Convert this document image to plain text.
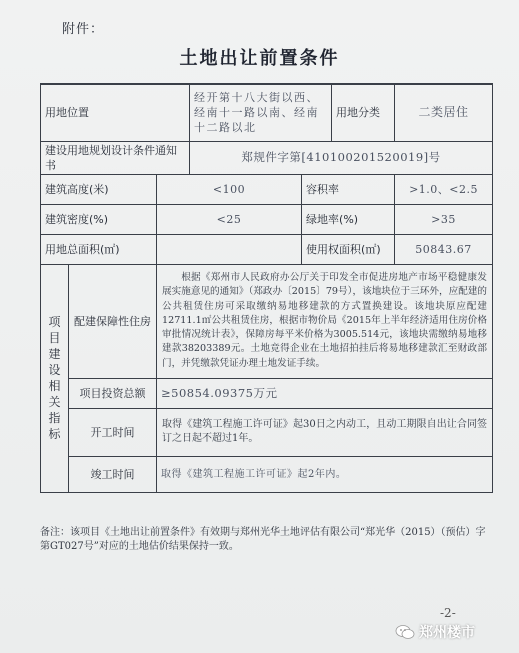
附件：
土地出让前置条件
用地位置			经开第十八大街以西、经南十一路以南、经南十二路以北		用地分类	二类居住
建设用地规划设计条件通知书			郑规件字第[410100201520019]号			
建筑高度(米)		<100		容积率		>1.0、<2.5
建筑密度(%)		<25		绿地率(%)		>35
用地总面积(㎡)				使用权面积(㎡)		50843.67

项目建设相关指标	配建保障性住房	根据《郑州市人民政府办公厅关于印发全市促进房地产市场平稳健康发展实施意见的通知》（郑政办〔2015〕79号），该地块位于三环外，应配建的公共租赁住房可采取缴纳易地移建款的方式置换建设。该地块原应配建12711.1㎡公共租赁住房，根据市物价局《2015年上半年经济适用住房价格审批情况统计表》，保障房每平米价格为3005.514元，该地块需缴纳易地移建款38203389元。土地竞得企业在土地招拍挂后将易地移建款汇至财政部门，并凭缴款凭证办理土地发证手续。				

	项目投资总额	≥50854.09375万元				
	开工时间	取得《建筑工程施工许可证》起30日之内动工，且动工期限自出让合同签订之日起不超过1年。				

	竣工时间	取得《建筑工程施工许可证》起2年内。				
备注：该项目《土地出让前置条件》有效期与郑州光华土地评估有限公司“郑光华（2015）（预估）字第GT027号”对应的土地估价结果保持一致。
-2-
郑州楼市
